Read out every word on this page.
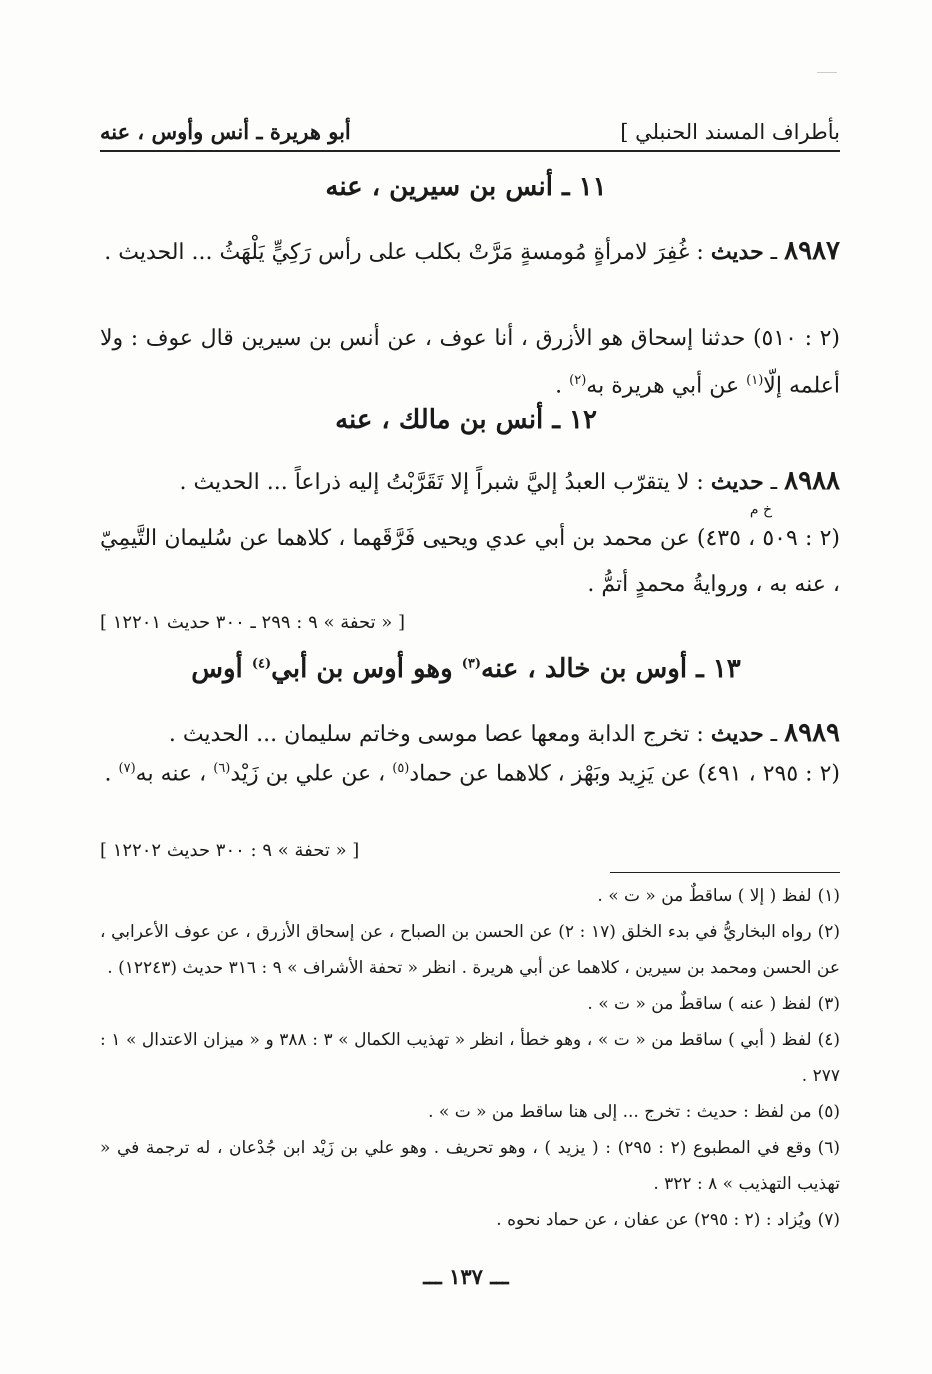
بأطراف المسند الحنبلي ]
أبو هريرة ـ أنس وأوس ، عنه
١١ ـ أنس بن سيرين ، عنه
٨٩٨٧ ـ حديث : غُفِرَ لامرأةٍ مُومسةٍ مَرَّتْ بكلب على رأس رَكِيٍّ يَلْهَثُ ... الحديث .
(٢ : ٥١٠) حدثنا إسحاق هو الأزرق ، أنا عوف ، عن أنس بن سيرين قال عوف : ولا أعلمه إلّا$^{(١)}$ عن أبي هريرة به$^{(٢)}$ .
١٢ ـ أنس بن مالك ، عنه
٨٩٨٨ ـ حديث : لا يتقرّب العبدُ إليَّ شبراً إلا تَقَرَّبْتُ إليه ذراعاً ... الحديث .
خ م
(٢ : ٥٠٩ ، ٤٣٥) عن محمد بن أبي عدي ويحيى فَرَّقَهما ، كلاهما عن سُليمان التَّيمِيّ ، عنه به ، وروايةُ محمدٍ أتمُّ .
[ « تحفة » ٩ : ٢٩٩ ـ ٣٠٠ حديث ١٢٢٠١ ]
١٣ ـ أوس بن خالد ، عنه$^{(٣)}$ وهو أوس بن أبي$^{(٤)}$ أوس
٨٩٨٩ ـ حديث : تخرج الدابة ومعها عصا موسى وخاتم سليمان ... الحديث .
(٢ : ٢٩٥ ، ٤٩١) عن يَزِيد وبَهْز ، كلاهما عن حماد$^{(٥)}$ ، عن علي بن زَيْد$^{(٦)}$ ، عنه به$^{(٧)}$ .
[ « تحفة » ٩ : ٣٠٠ حديث ١٢٢٠٢ ]

(١)لفظ ( إلا ) ساقطٌ من « ت » .

(٢)رواه البخاريُّ في بدء الخلق (١٧ : ٢) عن الحسن بن الصباح ، عن إسحاق الأزرق ، عن عوف الأعرابي ، عن الحسن ومحمد بن سيرين ، كلاهما عن أبي هريرة . انظر « تحفة الأشراف » ٩ : ٣١٦ حديث (١٢٢٤٣) .

(٣)لفظ ( عنه ) ساقطٌ من « ت » .

(٤)لفظ ( أبي ) ساقط من « ت » ، وهو خطأ ، انظر « تهذيب الكمال » ٣ : ٣٨٨ و « ميزان الاعتدال » ١ : ٢٧٧ .

(٥)من لفظ : حديث : تخرج ... إلى هنا ساقط من « ت » .

(٦)وقع في المطبوع (٢ : ٢٩٥) : ( يزيد ) ، وهو تحريف . وهو علي بن زَيْد ابن جُدْعان ، له ترجمة في « تهذيب التهذيب » ٨ : ٣٢٢ .

(٧)ويُزاد : (٢ : ٢٩٥) عن عفان ، عن حماد نحوه .

ـــ ١٣٧ ـــ
